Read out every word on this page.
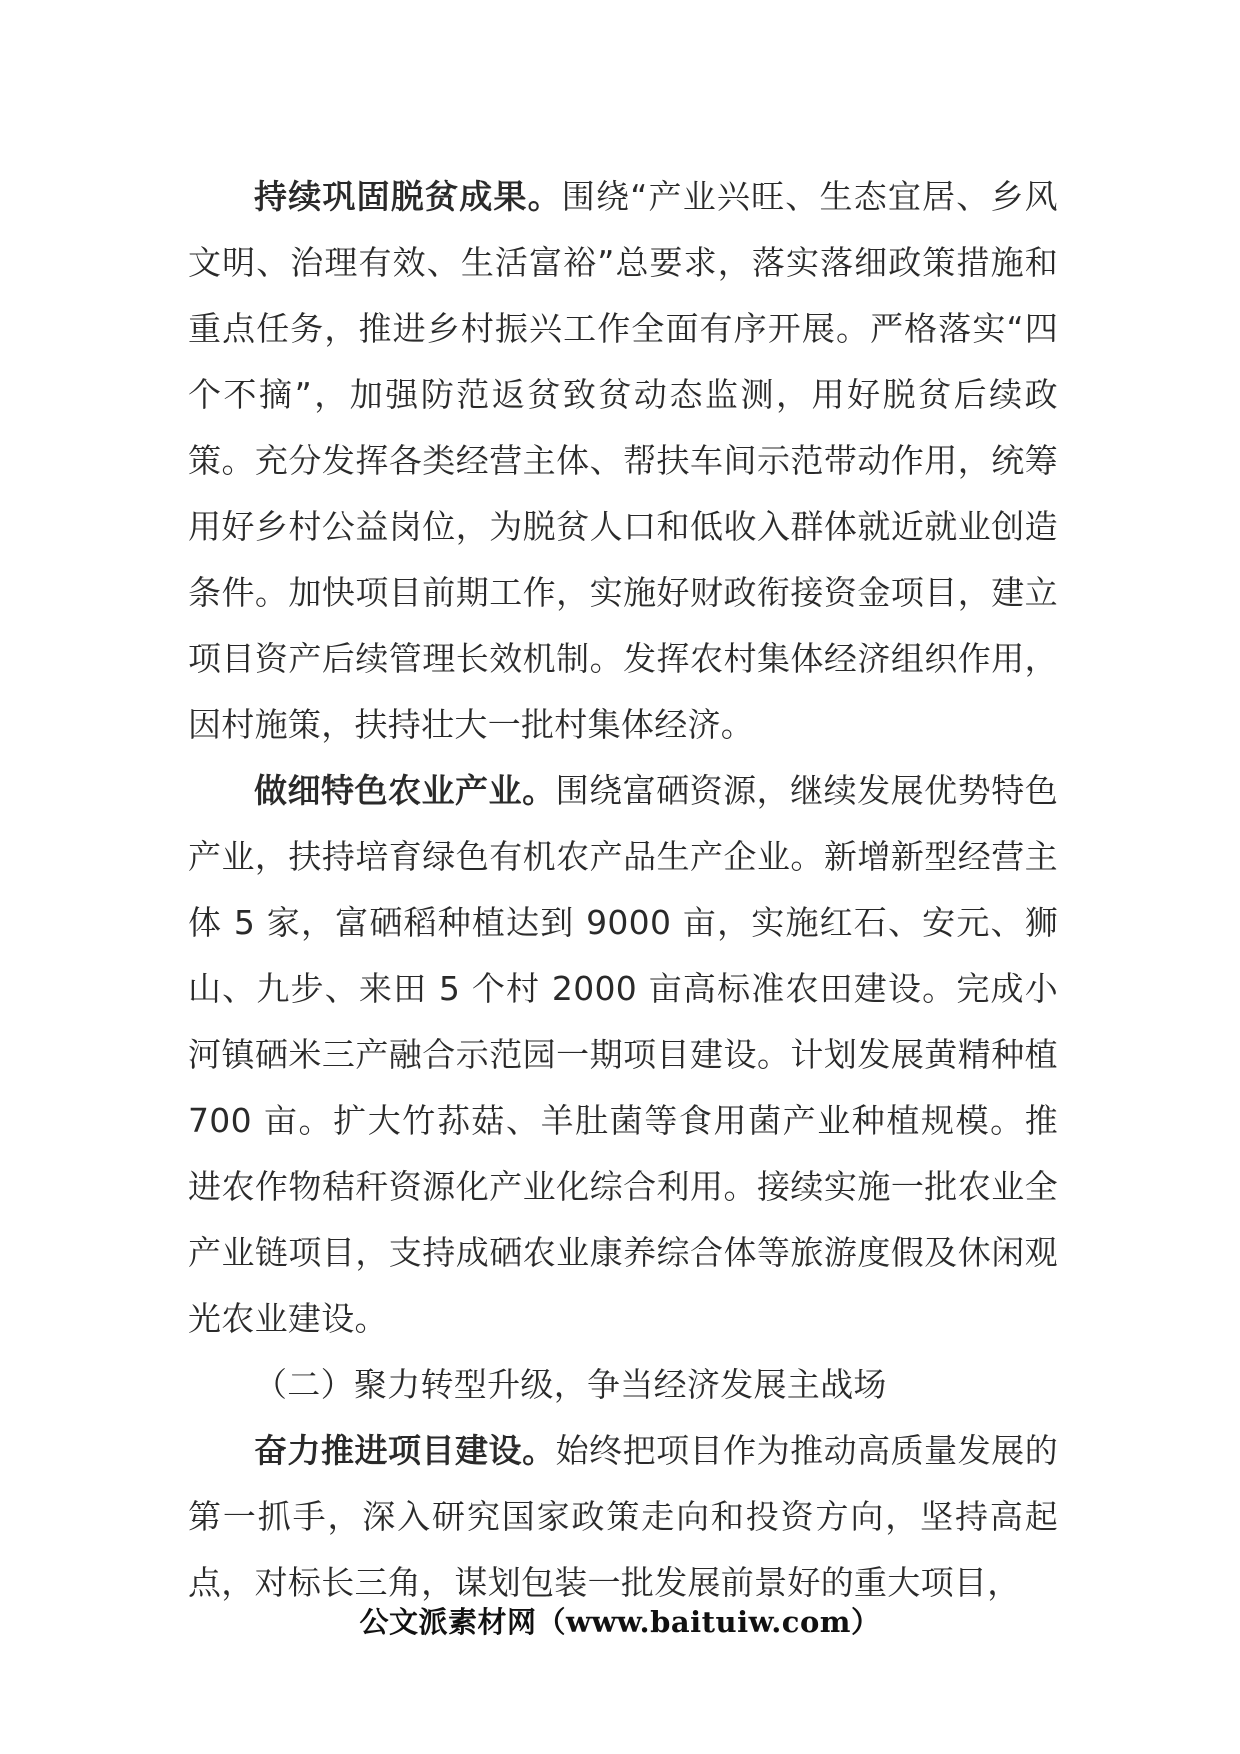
持续巩固脱贫成果。围绕“产业兴旺、生态宜居、乡风文明、治理有效、生活富裕”总要求，落实落细政策措施和重点任务，推进乡村振兴工作全面有序开展。严格落实“四个不摘”，加强防范返贫致贫动态监测，用好脱贫后续政策。充分发挥各类经营主体、帮扶车间示范带动作用，统筹用好乡村公益岗位，为脱贫人口和低收入群体就近就业创造条件。加快项目前期工作，实施好财政衔接资金项目，建立项目资产后续管理长效机制。发挥农村集体经济组织作用，因村施策，扶持壮大一批村集体经济。

做细特色农业产业。围绕富硒资源，继续发展优势特色产业，扶持培育绿色有机农产品生产企业。新增新型经营主体 5 家，富硒稻种植达到 9000 亩，实施红石、安元、狮山、九步、来田 5 个村 2000 亩高标准农田建设。完成小河镇硒米三产融合示范园一期项目建设。计划发展黄精种植 700 亩。扩大竹荪菇、羊肚菌等食用菌产业种植规模。推进农作物秸秆资源化产业化综合利用。接续实施一批农业全产业链项目，支持成硒农业康养综合体等旅游度假及休闲观光农业建设。

（二）聚力转型升级，争当经济发展主战场

奋力推进项目建设。始终把项目作为推动高质量发展的第一抓手，深入研究国家政策走向和投资方向，坚持高起点，对标长三角，谋划包装一批发展前景好的重大项目，

公文派素材网（www.baituiw.com）
